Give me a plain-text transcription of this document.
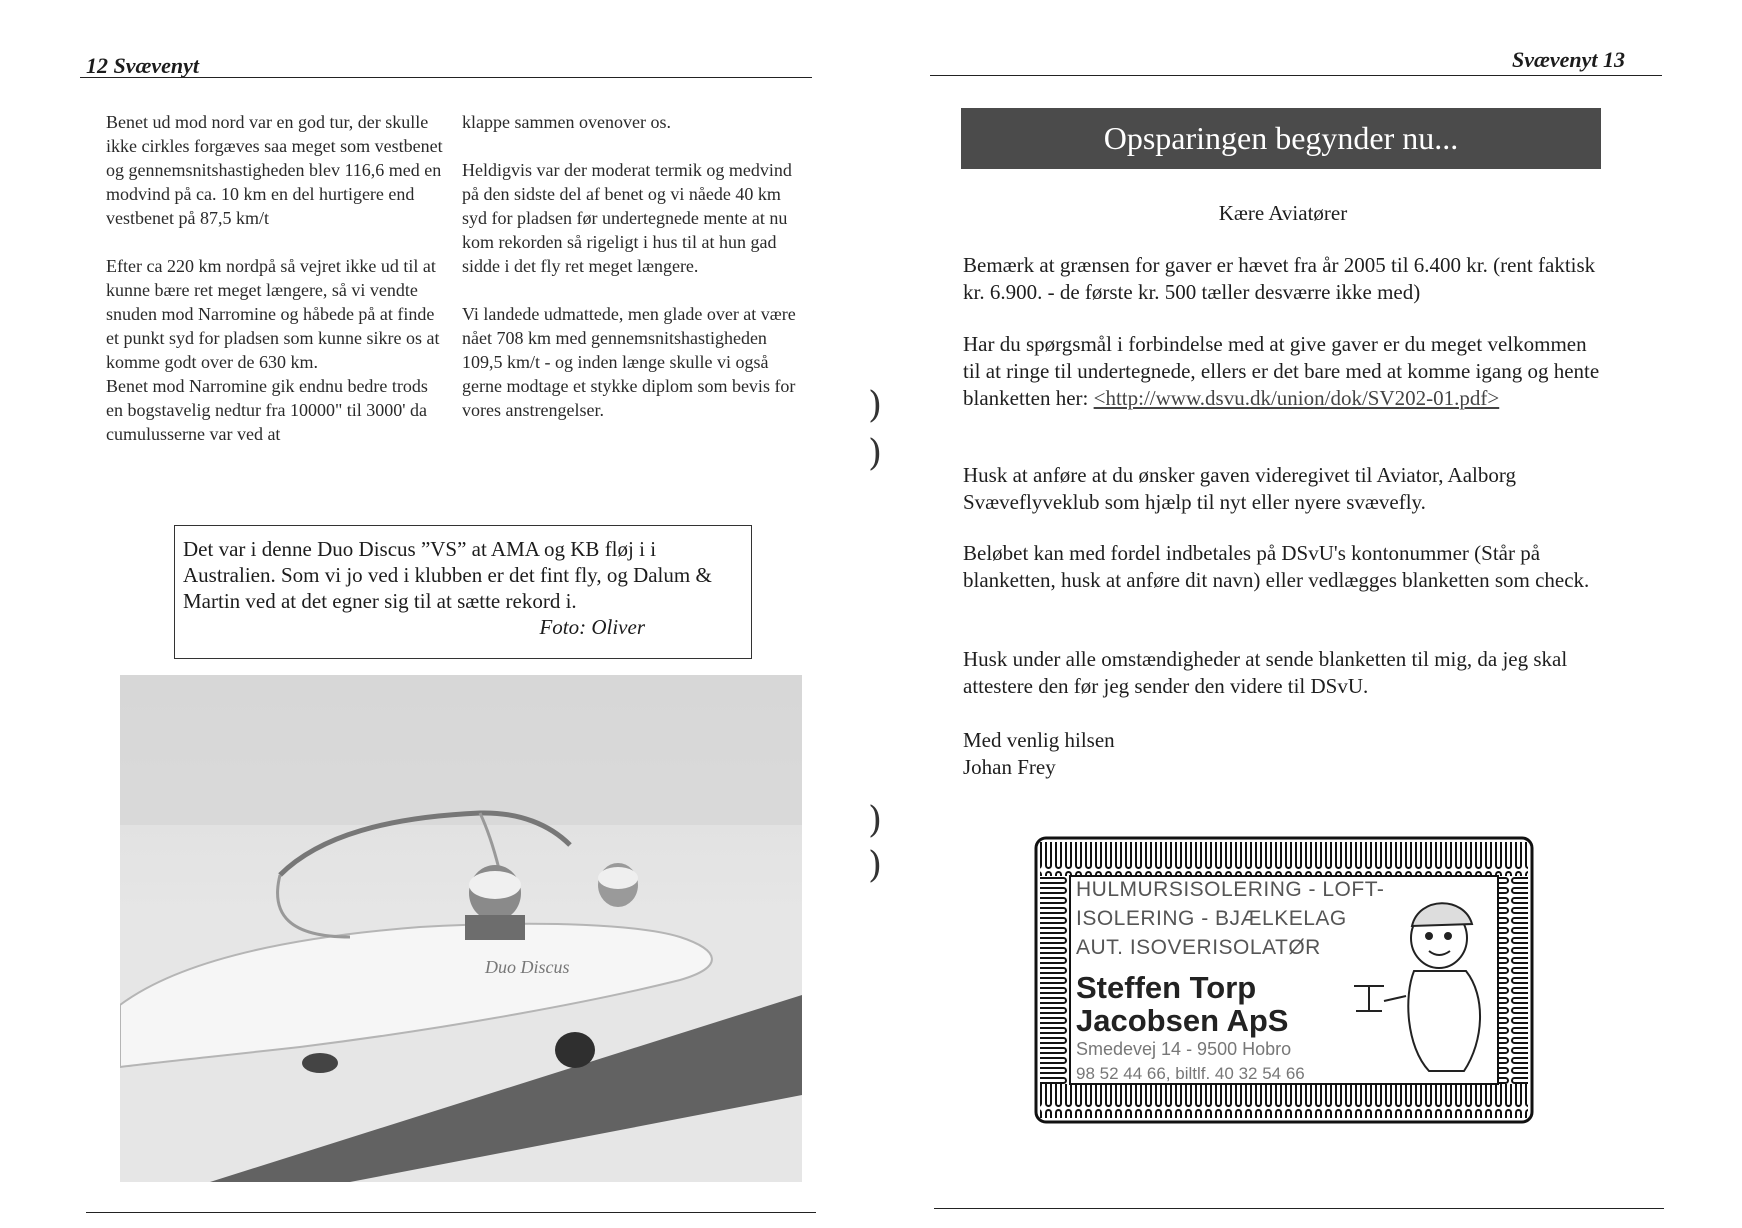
12 Svævenyt

Benet ud mod nord var en god tur, der skulle ikke cirkles forgæves saa meget som vestbenet og gennemsnitshastigheden blev 116,6 med en modvind på ca. 10 km en del hurtigere end vestbenet på 87,5 km/t

Efter ca 220 km nordpå så vejret ikke ud til at kunne bære ret meget længere, så vi vendte snuden mod Narromine og håbede på at finde et punkt syd for pladsen som kunne sikre os at komme godt over de 630 km.

Benet mod Narromine gik endnu bedre trods en bogstavelig nedtur fra 10000" til 3000' da cumulusserne var ved at

klappe sammen ovenover os.

Heldigvis var der moderat termik og medvind på den sidste del af benet og vi nåede 40 km syd for pladsen før undertegnede mente at nu kom rekorden så rigeligt i hus til at hun gad sidde i det fly ret meget længere.

Vi landede udmattede, men glade over at være nået 708 km med gennemsnitshastigheden 109,5 km/t - og inden længe skulle vi også gerne modtage et stykke diplom som bevis for vores anstrengelser.

Det var i denne Duo Discus ”VS” at AMA og KB fløj i i Australien. Som vi jo ved i klubben er det fint fly, og Dalum & Martin ved at det egner sig til at sætte rekord i.
Foto: Oliver
Duo Discus
)
)
)
)
Svævenyt 13
Opsparingen begynder nu...
Kære Aviatører

Bemærk at grænsen for gaver er hævet fra år 2005 til 6.400 kr. (rent faktisk kr. 6.900. - de første kr. 500 tæller desværre ikke med)

Har du spørgsmål i forbindelse med at give gaver er du meget velkommen til at ringe til undertegnede, ellers er det bare med at komme igang og hente blanketten her: <http://www.dsvu.dk/union/dok/SV202-01.pdf>

Husk at anføre at du ønsker gaven videregivet til Aviator, Aalborg Svæveflyveklub som hjælp til nyt eller nyere svævefly.

Beløbet kan med fordel indbetales på DSvU's kontonummer (Står på blanketten, husk at anføre dit navn) eller vedlægges blanketten som check.

Husk under alle omstændigheder at sende blanketten til mig, da jeg skal attestere den før jeg sender den videre til DSvU.

Med venlig hilsen

Johan Frey

HULMURSISOLERING - LOFT-
ISOLERING - BJÆLKELAG
AUT. ISOVERISOLATØR
Steffen Torp
Jacobsen ApS
Smedevej 14 - 9500 Hobro
98 52 44 66, biltlf. 40 32 54 66
